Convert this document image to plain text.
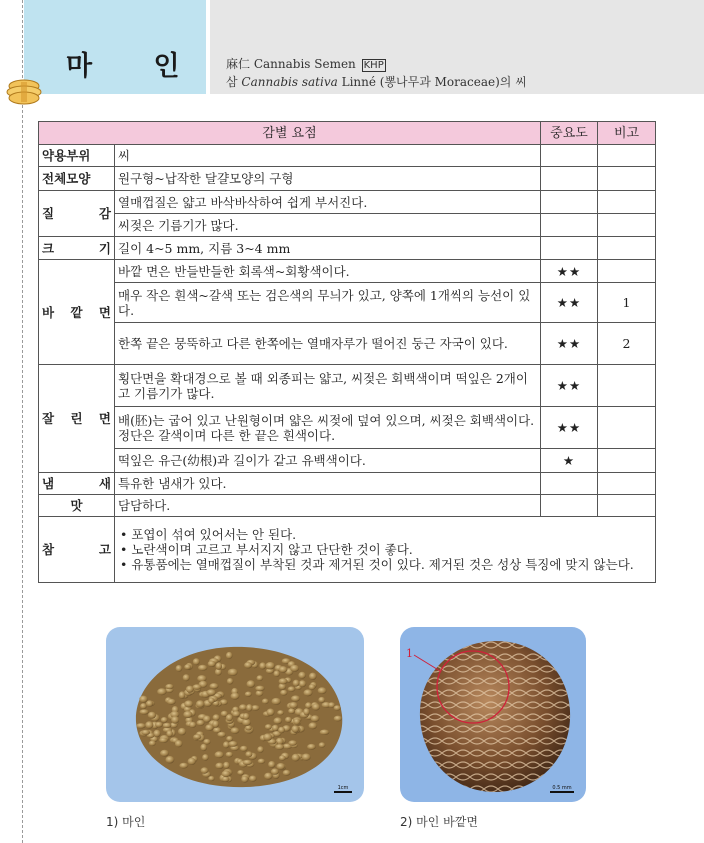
마 인 麻仁 Cannabis Semen KHP
삼 Cannabis sativa Linné (뽕나무과 Moraceae)의 씨
감별 요점		중요도	비고
약용부위	씨		
전체모양	원구형~납작한 달걀모양의 구형		
질 감	열매껍질은 얇고 바삭바삭하여 쉽게 부서진다.		
	씨젖은 기름기가 많다.		
크 기	길이 4~5 mm, 지름 3~4 mm		
바 깥 면	바깥 면은 반들반들한 회록색~회황색이다.	★★	
	매우 작은 흰색~갈색 또는 검은색의 무늬가 있고, 양쪽에 1개씩의 능선이 있다.	★★	1
	한쪽 끝은 뭉뚝하고 다른 한쪽에는 열매자루가 떨어진 둥근 자국이 있다.	★★	2
잘 린 면	횡단면을 확대경으로 볼 때 외종피는 얇고, 씨젖은 회백색이며 떡잎은 2개이고 기름기가 많다.	★★	
	배(胚)는 굽어 있고 난원형이며 얇은 씨젖에 덮여 있으며, 씨젖은 회백색이다. 정단은 갈색이며 다른 한 끝은 흰색이다.	★★	
	떡잎은 유근(幼根)과 길이가 같고 유백색이다.	★	
냄 새	특유한 냄새가 있다.		
맛	담담하다.		
참 고	• 포엽이 섞여 있어서는 안 된다.
• 노란색이며 고르고 부서지지 않고 단단한 것이 좋다.
• 유통품에는 열매껍질이 부착된 것과 제거된 것이 있다. 제거된 것은 성상 특징에 맞지 않는다.		
1cm
1) 마인
1
0.5 mm
2) 마인 바깥면
